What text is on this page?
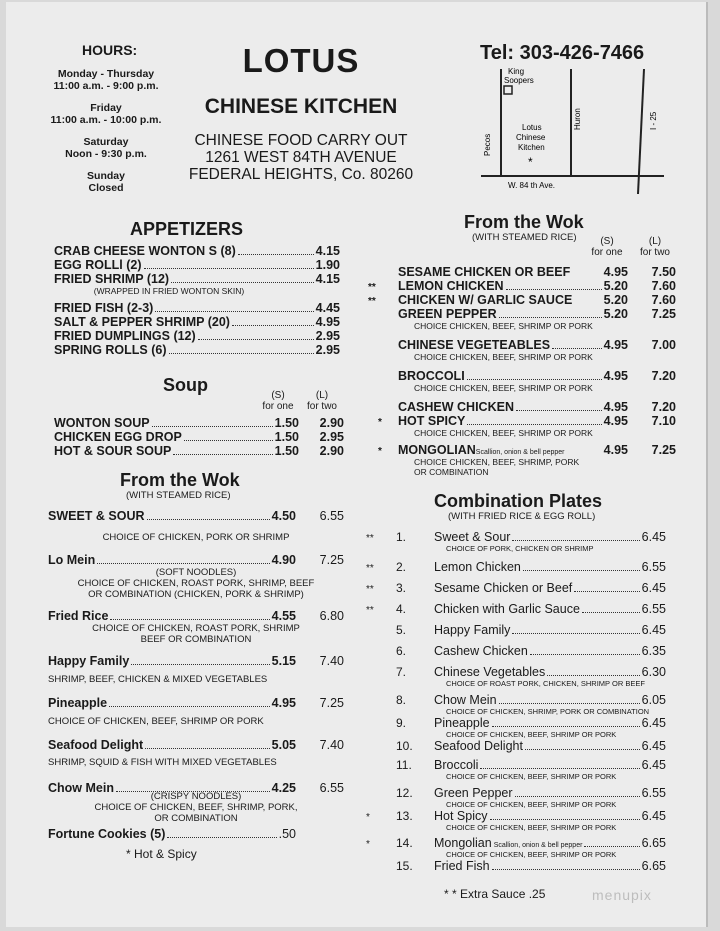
HOURS:
Monday - Thursday
11:00 a.m. - 9:00 p.m.
Friday
11:00 a.m. - 10:00 p.m.
Saturday
Noon - 9:30 p.m.
Sunday
Closed
LOTUS
CHINESE KITCHEN
CHINESE FOOD CARRY OUT
1261 WEST 84TH AVENUE
FEDERAL HEIGHTS, Co. 80260
Tel: 303-426-7466
King
Soopers
Pecos
Huron	I - 25
Lotus
Chinese
Kitchen
*
W. 84 th Ave.
APPETIZERS
CRAB CHEESE WONTON S (8)	4.15
EGG ROLLl (2)	1.90
FRIED SHRIMP (12)	4.15
(WRAPPED IN FRIED WONTON SKIN)
FRIED FISH (2-3)	4.45
SALT & PEPPER SHRIMP (20)	4.95
FRIED DUMPLINGS (12)	2.95
SPRING ROLLS (6)	2.95
Soup
(S)
for one
(L)
for two
WONTON SOUP	1.50	2.90
CHICKEN EGG DROP	1.50	2.95
HOT & SOUR SOUP	1.50	2.90
From the Wok
(WITH STEAMED RICE)
SWEET & SOUR	4.50	6.55
CHOICE OF CHICKEN, PORK OR SHRIMP
Lo Mein	4.90	7.25
(SOFT NOODLES)
CHOICE OF CHICKEN, ROAST PORK, SHRIMP, BEEF
OR COMBINATION (CHICKEN, PORK & SHRIMP)
Fried Rice	4.55	6.80
CHOICE OF CHICKEN, ROAST PORK, SHRIMP
BEEF OR COMBINATION
Happy Family	5.15	7.40
SHRIMP, BEEF, CHICKEN & MIXED VEGETABLES
Pineapple	4.95	7.25
CHOICE OF CHICKEN, BEEF, SHRIMP OR PORK
Seafood Delight	5.05	7.40
SHRIMP, SQUID & FISH WITH MIXED VEGETABLES
Chow Mein	4.25	6.55
(CRISPY NOODLES)
CHOICE OF CHICKEN, BEEF, SHRIMP, PORK,
OR COMBINATION
Fortune Cookies (5)	.50
* Hot & Spicy
From the Wok
(WITH STEAMED RICE)	(S)
for one
(L)
for two
SESAME CHICKEN OR BEEF	4.95	7.50
**	LEMON CHICKEN	5.20	7.60
**	CHICKEN W/ GARLIC SAUCE	5.20	7.60
GREEN PEPPER	5.20	7.25
CHOICE CHICKEN, BEEF, SHRIMP OR PORK
CHINESE VEGETEABLES	4.95	7.00
CHOICE CHICKEN, BEEF, SHRIMP OR PORK
BROCCOLI	4.95	7.20
CHOICE CHICKEN, BEEF, SHRIMP OR PORK
CASHEW CHICKEN	4.95	7.20
*	HOT SPICY	4.95	7.10
CHOICE CHICKEN, BEEF, SHRIMP OR PORK
*	MONGOLIAN Scallion, onion & bell pepper	4.95	7.25
CHOICE CHICKEN, BEEF, SHRIMP, PORK
OR COMBINATION
Combination Plates
(WITH FRIED RICE & EGG ROLL)
**	1.	Sweet & Sour	6.45
CHOICE OF PORK, CHICKEN OR SHRIMP
**	2.	Lemon Chicken	6.55
**	3.	Sesame Chicken or Beef	6.45
**	4.	Chicken with Garlic Sauce	6.55
5.	Happy Family	6.45
6.	Cashew Chicken	6.35
7.	Chinese Vegetables	6.30
CHOICE OF ROAST PORK, CHICKEN, SHRIMP OR BEEF
8.	Chow Mein	6.05
CHOICE OF CHICKEN, SHRIMP, PORK OR COMBINATION
9.	Pineapple	6.45
CHOICE OF CHICKEN, BEEF, SHRIMP OR PORK
10.	Seafood Delight	6.45
11.	Broccoli	6.45
CHOICE OF CHICKEN, BEEF, SHRIMP OR PORK
12.	Green Pepper	6.55
CHOICE OF CHICKEN, BEEF, SHRIMP OR PORK
*	13.	Hot Spicy	6.45
CHOICE OF CHICKEN, BEEF, SHRIMP OR PORK
*	14.	Mongolian Scallion, onion & bell pepper	6.65
CHOICE OF CHICKEN, BEEF, SHRIMP OR PORK
15.	Fried Fish	6.65
* * Extra Sauce .25	menupix
